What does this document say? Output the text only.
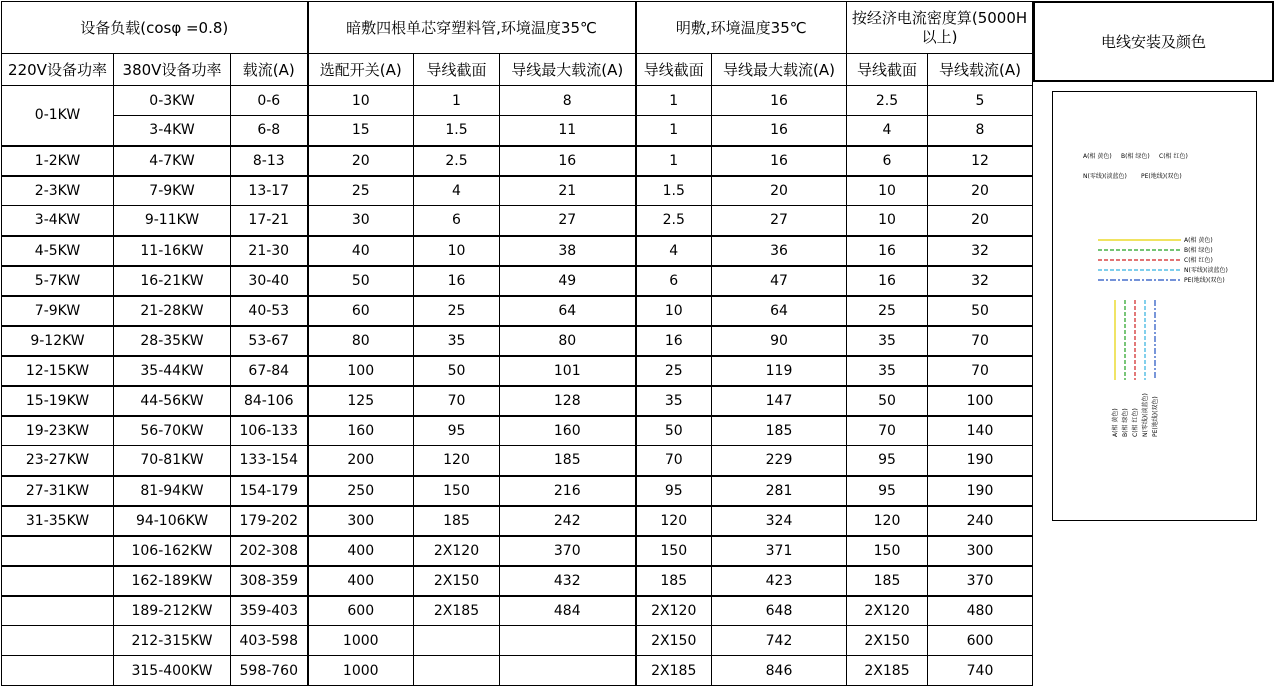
设备负载(cosφ =0.8)			暗敷四根单芯穿塑料管,环境温度35℃			明敷,环境温度35℃		按经济电流密度算(5000H以上)	
220V设备功率	380V设备功率	载流(A)	选配开关(A)	导线截面	导线最大载流(A)	导线截面	导线最大载流(A)	导线截面	导线载流(A)
0-1KW	0-3KW	0-6	10	1	8	1	16	2.5	5
	3-4KW	6-8	15	1.5	11	1	16	4	8
1-2KW	4-7KW	8-13	20	2.5	16	1	16	6	12
2-3KW	7-9KW	13-17	25	4	21	1.5	20	10	20
3-4KW	9-11KW	17-21	30	6	27	2.5	27	10	20
4-5KW	11-16KW	21-30	40	10	38	4	36	16	32
5-7KW	16-21KW	30-40	50	16	49	6	47	16	32
7-9KW	21-28KW	40-53	60	25	64	10	64	25	50
9-12KW	28-35KW	53-67	80	35	80	16	90	35	70
12-15KW	35-44KW	67-84	100	50	101	25	119	35	70
15-19KW	44-56KW	84-106	125	70	128	35	147	50	100
19-23KW	56-70KW	106-133	160	95	160	50	185	70	140
23-27KW	70-81KW	133-154	200	120	185	70	229	95	190
27-31KW	81-94KW	154-179	250	150	216	95	281	95	190
31-35KW	94-106KW	179-202	300	185	242	120	324	120	240
	106-162KW	202-308	400	2X120	370	150	371	150	300
	162-189KW	308-359	400	2X150	432	185	423	185	370
	189-212KW	359-403	600	2X185	484	2X120	648	2X120	480
	212-315KW	403-598	1000			2X150	742	2X150	600
	315-400KW	598-760	1000			2X185	846	2X185	740
电线安装及颜色
A(相 黄色) B(相 绿色) C(相 红色)
N(零线)(淡蓝色) PE(地线)(双色)
A(相 黄色)
B(相 绿色)
C(相 红色)
N(零线)(淡蓝色)
PE(地线)(双色)
A(相 黄色) B(相 绿色) C(相 红色) N(零线)(淡蓝色) PE(地线)(双色)
